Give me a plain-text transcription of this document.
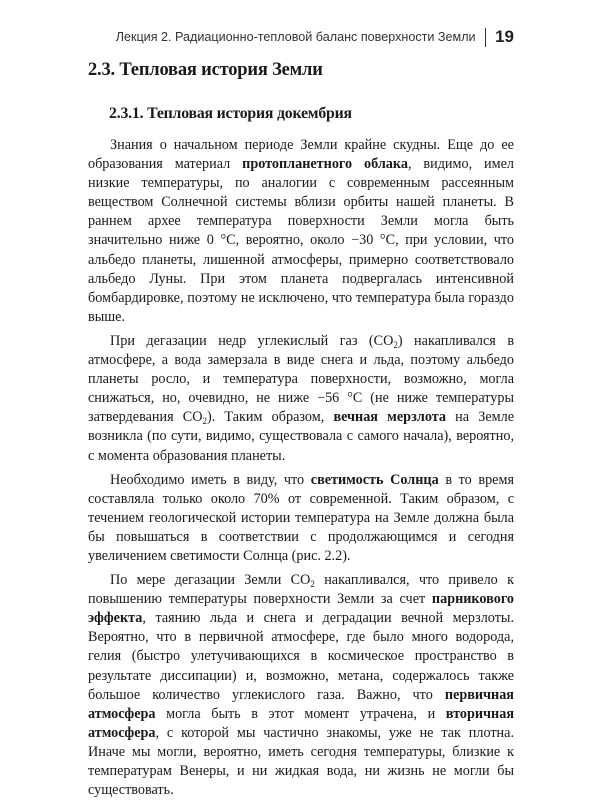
Лекция 2. Радиационно-тепловой баланс поверхности Земли 19
2.3. Тепловая история Земли
2.3.1. Тепловая история докембрия

Знания о начальном периоде Земли крайне скудны. Еще до ее образования материал протопланетного облака, видимо, имел низкие температуры, по аналогии с современным рассеянным веществом Солнечной системы вблизи орбиты нашей планеты. В раннем архее температура поверхности Земли могла быть значительно ниже 0 °C, вероятно, около −30 °C, при условии, что альбедо планеты, лишенной атмосферы, примерно соответствовало альбедо Луны. При этом планета подвергалась интенсивной бомбардировке, поэтому не исключено, что температура была гораздо выше.

При дегазации недр углекислый газ $(CO_2)$ накапливался в атмосфере, а вода замерзала в виде снега и льда, поэтому альбедо планеты росло, и температура поверхности, возможно, могла снижаться, но, очевидно, не ниже −56 °C (не ниже температуры затвердевания $CO_2$). Таким образом, вечная мерзлота на Земле возникла (по сути, видимо, существовала с самого начала), вероятно, с момента образования планеты.

Необходимо иметь в виду, что светимость Солнца в то время составляла только около 70% от современной. Таким образом, с течением геологической истории температура на Земле должна была бы повышаться в соответствии с продолжающимся и сегодня увеличением светимости Солнца (рис. 2.2).

По мере дегазации Земли $CO_2$ накапливался, что привело к повышению температуры поверхности Земли за счет парникового эффекта, таянию льда и снега и деградации вечной мерзлоты. Вероятно, что в первичной атмосфере, где было много водорода, гелия (быстро улетучивающихся в космическое пространство в результате диссипации) и, возможно, метана, содержалось также большое количество углекислого газа. Важно, что первичная атмосфера могла быть в этот момент утрачена, и вторичная атмосфера, с которой мы частично знакомы, уже не так плотна. Иначе мы могли, вероятно, иметь сегодня температуры, близкие к температурам Венеры, и ни жидкая вода, ни жизнь не могли бы существовать.
